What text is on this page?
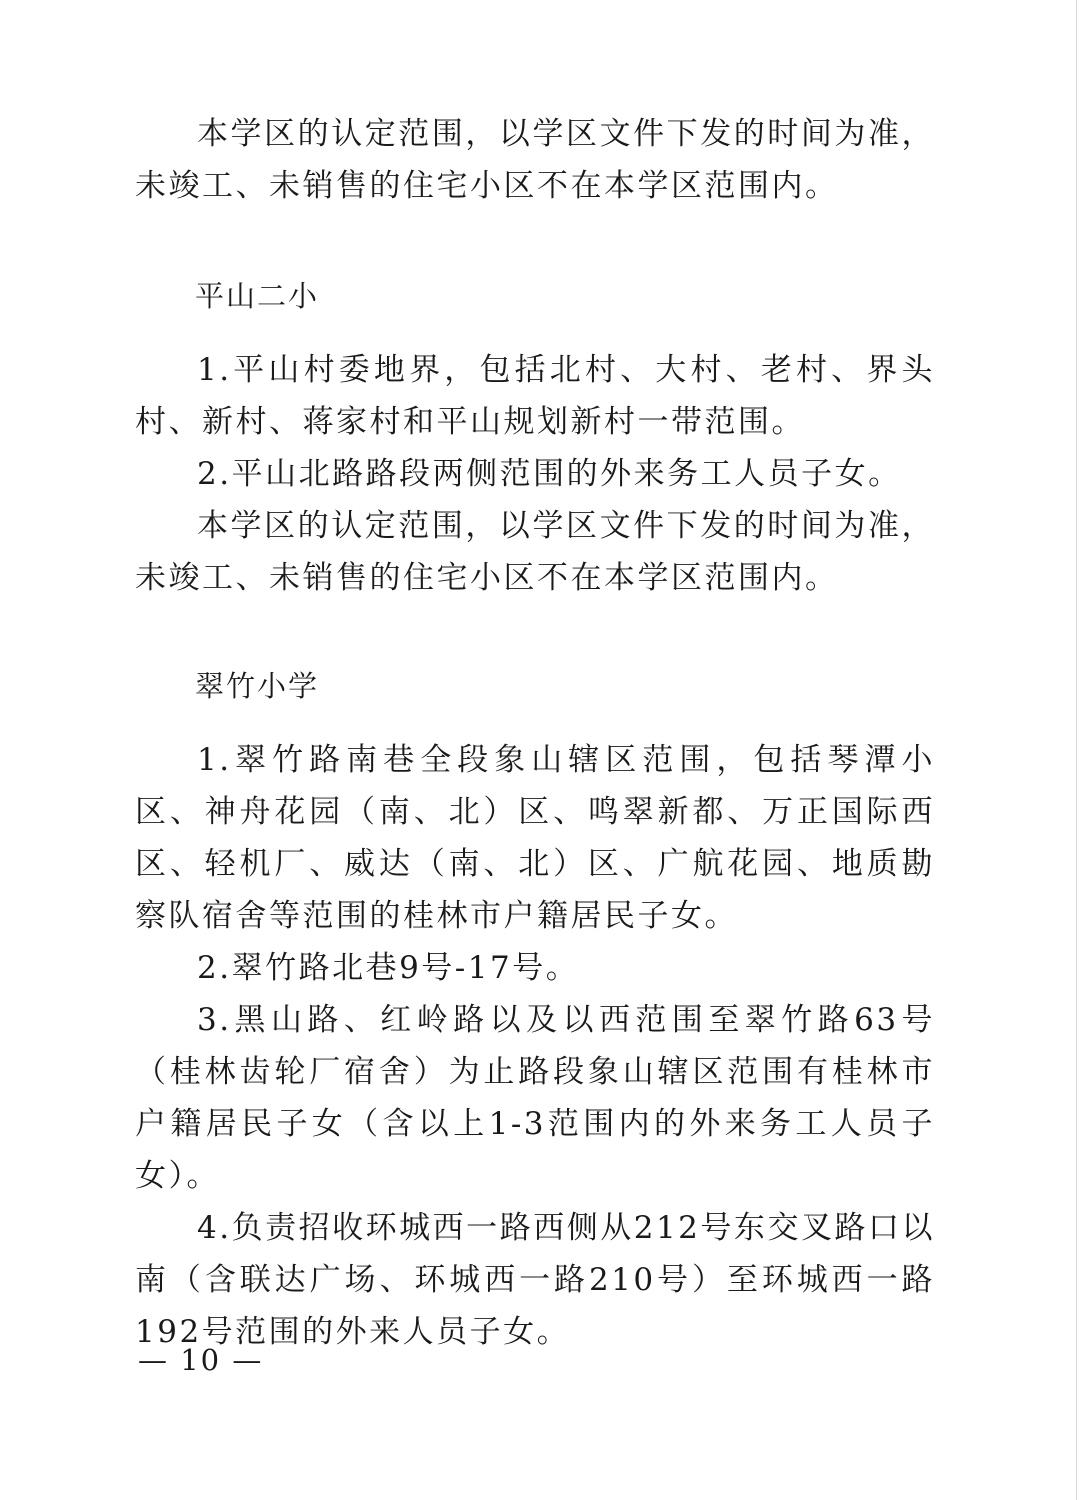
本学区的认定范围，以学区文件下发的时间为准，未竣工、未销售的住宅小区不在本学区范围内。

平山二小

1.平山村委地界，包括北村、大村、老村、界头村、新村、蒋家村和平山规划新村一带范围。

2.平山北路路段两侧范围的外来务工人员子女。

本学区的认定范围，以学区文件下发的时间为准，未竣工、未销售的住宅小区不在本学区范围内。

翠竹小学

1.翠竹路南巷全段象山辖区范围，包括琴潭小区、神舟花园（南、北）区、鸣翠新都、万正国际西区、轻机厂、威达（南、北）区、广航花园、地质勘察队宿舍等范围的桂林市户籍居民子女。

2.翠竹路北巷9号-17号。

3.黑山路、红岭路以及以西范围至翠竹路63号（桂林齿轮厂宿舍）为止路段象山辖区范围有桂林市户籍居民子女（含以上1-3范围内的外来务工人员子女）。

4.负责招收环城西一路西侧从212号东交叉路口以南（含联达广场、环城西一路210号）至环城西一路192号范围的外来人员子女。

— 10 —
